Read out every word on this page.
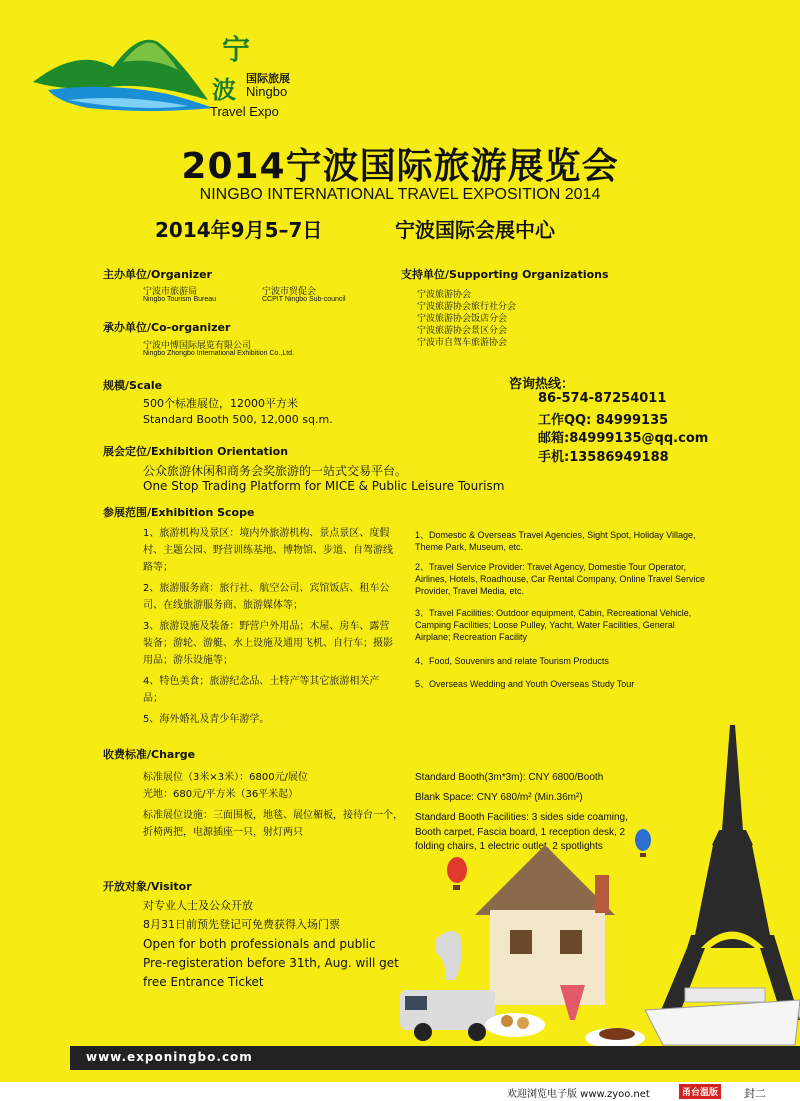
宁
波 国际旅展
Ningbo
Travel Expo
2014宁波国际旅游展览会
NINGBO INTERNATIONAL TRAVEL EXPOSITION 2014
2014年9月5–7日	宁波国际会展中心
主办单位/Organizer
宁波市旅游局
Ningbo Tourism Bureau
宁波市贸促会
CCPIT Ningbo Sub-council
承办单位/Co-organizer
宁波中博国际展览有限公司
Ningbo Zhongbo International Exhibition Co.,Ltd.
支持单位/Supporting Organizations
宁波旅游协会
宁波旅游协会旅行社分会
宁波旅游协会饭店分会
宁波旅游协会景区分会
宁波市自驾车旅游协会
规模/Scale
500个标准展位，12000平方米
Standard Booth 500, 12,000 sq.m.
咨询热线：
86-574-87254011
工作QQ: 84999135
邮箱:84999135@qq.com
手机:13586949188
展会定位/Exhibition Orientation
公众旅游休闲和商务会奖旅游的一站式交易平台。
One Stop Trading Platform for MICE & Public Leisure Tourism
参展范围/Exhibition Scope
1、旅游机构及景区：境内外旅游机构、景点景区、度假村、主题公园、野营训练基地、博物馆、步道、自驾游线路等；
2、旅游服务商：旅行社、航空公司、宾馆饭店、租车公司、在线旅游服务商、旅游媒体等；
3、旅游设施及装备：野营户外用品；木屋、房车、露营装备；游轮、游艇、水上设施及通用飞机、自行车；摄影用品；游乐设施等；
4、特色美食；旅游纪念品、土特产等其它旅游相关产品；
5、海外婚礼及青少年游学。
1、Domestic & Overseas Travel Agencies, Sight Spot, Holiday Village, Theme Park, Museum, etc.
2、Travel Service Provider: Travel Agency, Domestie Tour Operator, Airlines, Hotels, Roadhouse, Car Rental Company, Online Travel Service Provider, Travel Media, etc.
3、Travel Facilities: Outdoor equipment, Cabin, Recreational Vehicle, Camping Facilities; Loose Pulley, Yacht, Water Facilities, General Airplane; Recreation Facility
4、Food, Souvenirs and relate Tourism Products
5、Overseas Wedding and Youth Overseas Study Tour
收费标准/Charge
标准展位（3米×3米）：6800元/展位
光地：680元/平方米（36平米起）
标准展位设施：三面围板，地毯、展位楣板，接待台一个，折椅两把，电源插座一只，射灯两只
Standard Booth(3m*3m): CNY 6800/Booth
Blank Space: CNY 680/m² (Min.36m²)
Standard Booth Facilities: 3 sides side coaming, Booth carpet, Fascia board, 1 reception desk, 2 folding chairs, 1 electric outlet, 2 spotlights
开放对象/Visitor
对专业人士及公众开放
8月31日前预先登记可免费获得入场门票
Open for both professionals and public
Pre-registeration before 31th, Aug. will get
free Entrance Ticket
www.exponingbo.com
欢迎浏览电子版 www.zyoo.net	甬台温版 封二
